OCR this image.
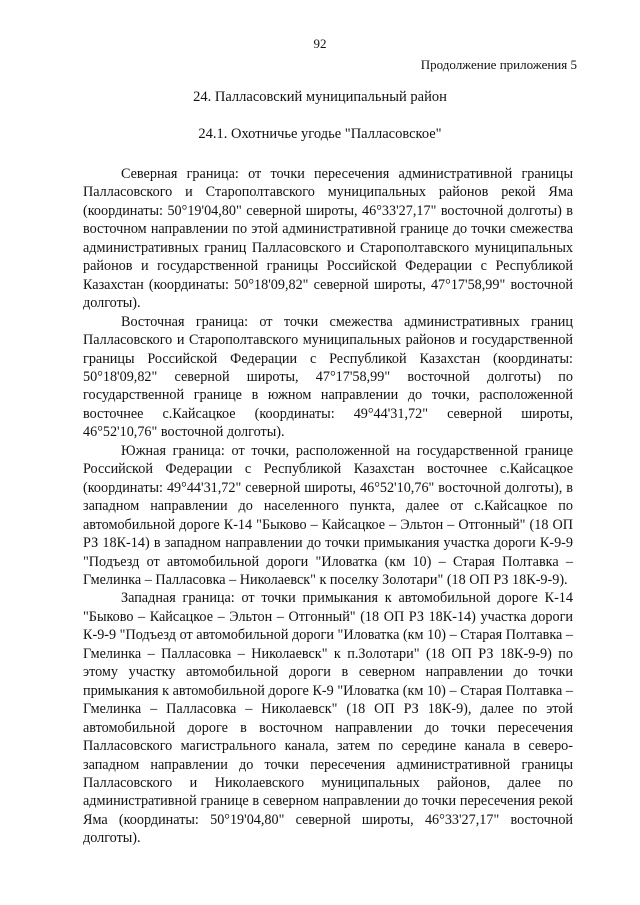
92
Продолжение приложения 5
24. Палласовский муниципальный район
24.1. Охотничье угодье "Палласовское"

Северная граница: от точки пересечения административной границы Палласовского и Старополтавского муниципальных районов рекой Яма (координаты: 50°19'04,80" северной широты, 46°33'27,17" восточной долготы) в восточном направлении по этой административной границе до точки смежества административных границ Палласовского и Старополтавского муниципальных районов и государственной границы Российской Федерации с Республикой Казахстан (координаты: 50°18'09,82" северной широты, 47°17'58,99" восточной долготы).

Восточная граница: от точки смежества административных границ Палласовского и Старополтавского муниципальных районов и государственной границы Российской Федерации с Республикой Казахстан (координаты: 50°18'09,82" северной широты, 47°17'58,99" восточной долготы) по государственной границе в южном направлении до точки, расположенной восточнее с.Кайсацкое (координаты: 49°44'31,72" северной широты, 46°52'10,76" восточной долготы).

Южная граница: от точки, расположенной на государственной границе Российской Федерации с Республикой Казахстан восточнее с.Кайсацкое (координаты: 49°44'31,72" северной широты, 46°52'10,76" восточной долготы), в западном направлении до населенного пункта, далее от с.Кайсацкое по автомобильной дороге К-14 "Быково – Кайсацкое – Эльтон – Отгонный" (18 ОП РЗ 18К-14) в западном направлении до точки примыкания участка дороги К-9-9 "Подъезд от автомобильной дороги "Иловатка (км 10) – Старая Полтавка – Гмелинка – Палласовка – Николаевск" к поселку Золотари" (18 ОП РЗ 18К-9-9).

Западная граница: от точки примыкания к автомобильной дороге К-14 "Быково – Кайсацкое – Эльтон – Отгонный" (18 ОП РЗ 18К-14) участка дороги К-9-9 "Подъезд от автомобильной дороги "Иловатка (км 10) – Старая Полтавка – Гмелинка – Палласовка – Николаевск" к п.Золотари" (18 ОП РЗ 18К-9-9) по этому участку автомобильной дороги в северном направлении до точки примыкания к автомобильной дороге К-9 "Иловатка (км 10) – Старая Полтавка – Гмелинка – Палласовка – Николаевск" (18 ОП РЗ 18К-9), далее по этой автомобильной дороге в восточном направлении до точки пересечения Палласовского магистрального канала, затем по середине канала в северо-западном направлении до точки пересечения административной границы Палласовского и Николаевского муниципальных районов, далее по административной границе в северном направлении до точки пересечения рекой Яма (координаты: 50°19'04,80" северной широты, 46°33'27,17" восточной долготы).
